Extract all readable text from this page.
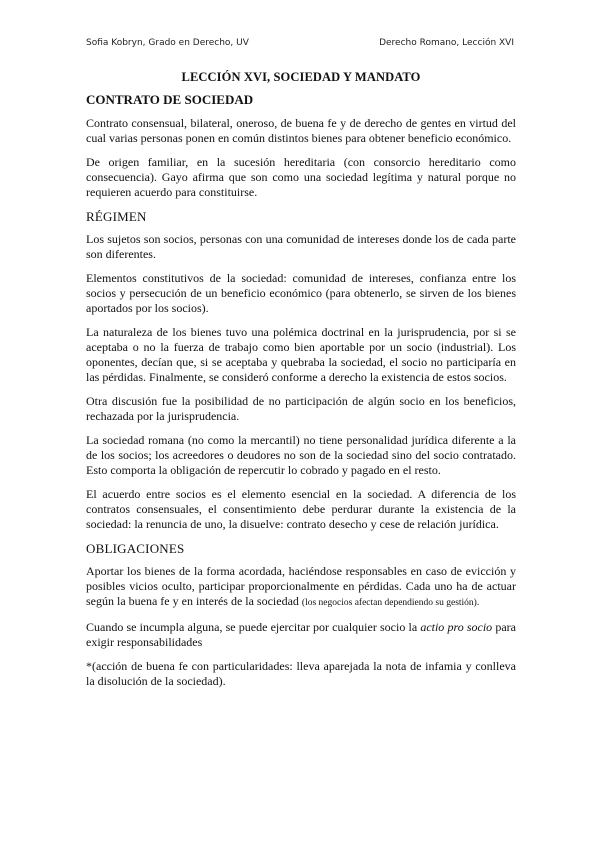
Sofia Kobryn, Grado en Derecho, UV	Derecho Romano, Lección XVI
LECCIÓN XVI, SOCIEDAD Y MANDATO
CONTRATO DE SOCIEDAD

Contrato consensual, bilateral, oneroso, de buena fe y de derecho de gentes en virtud del cual varias personas ponen en común distintos bienes para obtener beneficio económico.

De origen familiar, en la sucesión hereditaria (con consorcio hereditario como consecuencia). Gayo afirma que son como una sociedad legítima y natural porque no requieren acuerdo para constituirse.

RÉGIMEN

Los sujetos son socios, personas con una comunidad de intereses donde los de cada parte son diferentes.

Elementos constitutivos de la sociedad: comunidad de intereses, confianza entre los socios y persecución de un beneficio económico (para obtenerlo, se sirven de los bienes aportados por los socios).

La naturaleza de los bienes tuvo una polémica doctrinal en la jurisprudencia, por si se aceptaba o no la fuerza de trabajo como bien aportable por un socio (industrial). Los oponentes, decían que, si se aceptaba y quebraba la sociedad, el socio no participaría en las pérdidas. Finalmente, se consideró conforme a derecho la existencia de estos socios.

Otra discusión fue la posibilidad de no participación de algún socio en los beneficios, rechazada por la jurisprudencia.

La sociedad romana (no como la mercantil) no tiene personalidad jurídica diferente a la de los socios; los acreedores o deudores no son de la sociedad sino del socio contratado. Esto comporta la obligación de repercutir lo cobrado y pagado en el resto.

El acuerdo entre socios es el elemento esencial en la sociedad. A diferencia de los contratos consensuales, el consentimiento debe perdurar durante la existencia de la sociedad: la renuncia de uno, la disuelve: contrato desecho y cese de relación jurídica.

OBLIGACIONES

Aportar los bienes de la forma acordada, haciéndose responsables en caso de evicción y posibles vicios oculto, participar proporcionalmente en pérdidas. Cada uno ha de actuar según la buena fe y en interés de la sociedad (los negocios afectan dependiendo su gestión).

Cuando se incumpla alguna, se puede ejercitar por cualquier socio la actio pro socio para exigir responsabilidades

*(acción de buena fe con particularidades: lleva aparejada la nota de infamia y conlleva la disolución de la sociedad).
